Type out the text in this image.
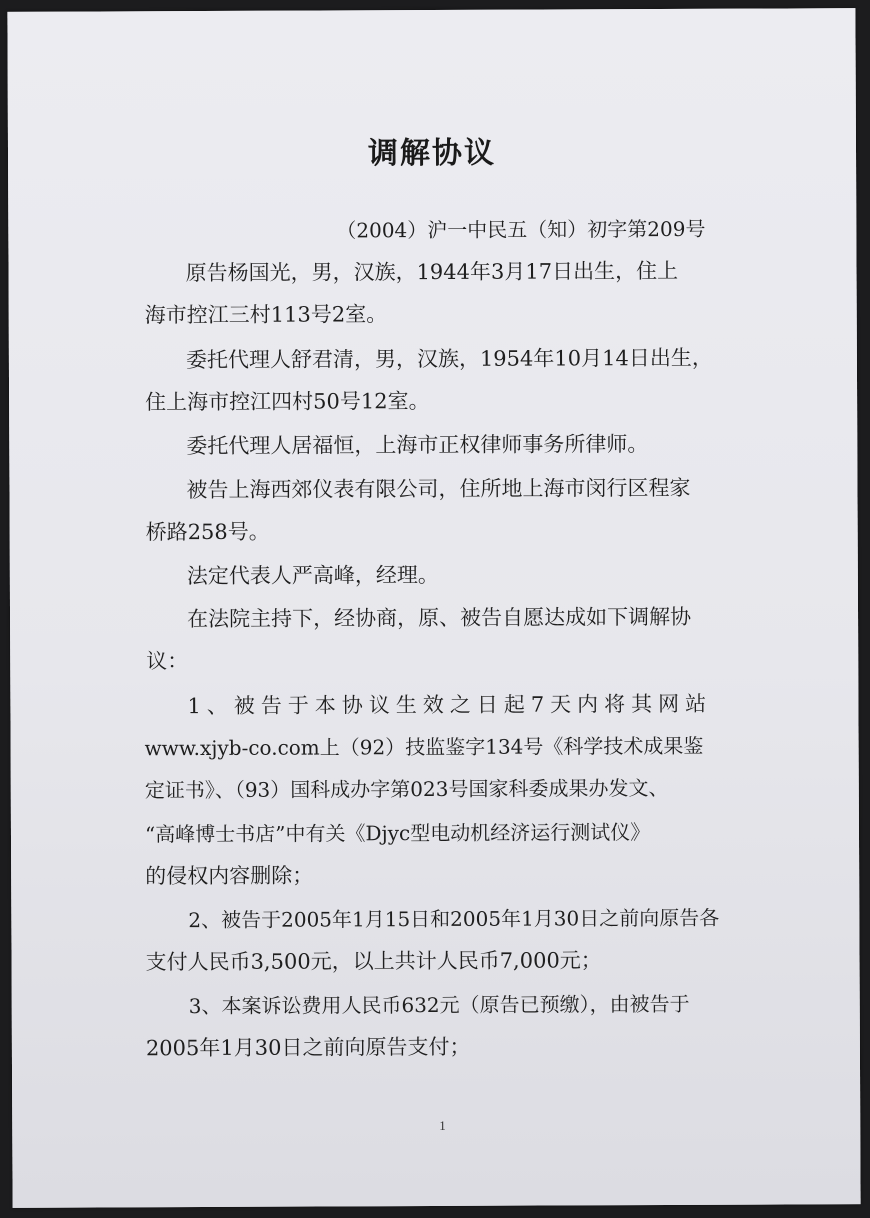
调解协议
（2004）沪一中民五（知）初字第209号
原告杨国光，男，汉族，1944年3月17日出生，住上
海市控江三村113号2室。
委托代理人舒君清，男，汉族，1954年10月14日出生，
住上海市控江四村50号12室。
委托代理人居福恒，上海市正权律师事务所律师。
被告上海西郊仪表有限公司，住所地上海市闵行区程家
桥路258号。
法定代表人严高峰，经理。
在法院主持下，经协商，原、被告自愿达成如下调解协
议：
1、被告于本协议生效之日起7天内将其网站
www.xjyb-co.com上（92）技监鉴字134号《科学技术成果鉴
定证书》、（93）国科成办字第023号国家科委成果办发文、
“高峰博士书店”中有关《Djyc型电动机经济运行测试仪》
的侵权内容删除；
2、被告于2005年1月15日和2005年1月30日之前向原告各
支付人民币3,500元，以上共计人民币7,000元；
3、本案诉讼费用人民币632元（原告已预缴），由被告于
2005年1月30日之前向原告支付；
1
